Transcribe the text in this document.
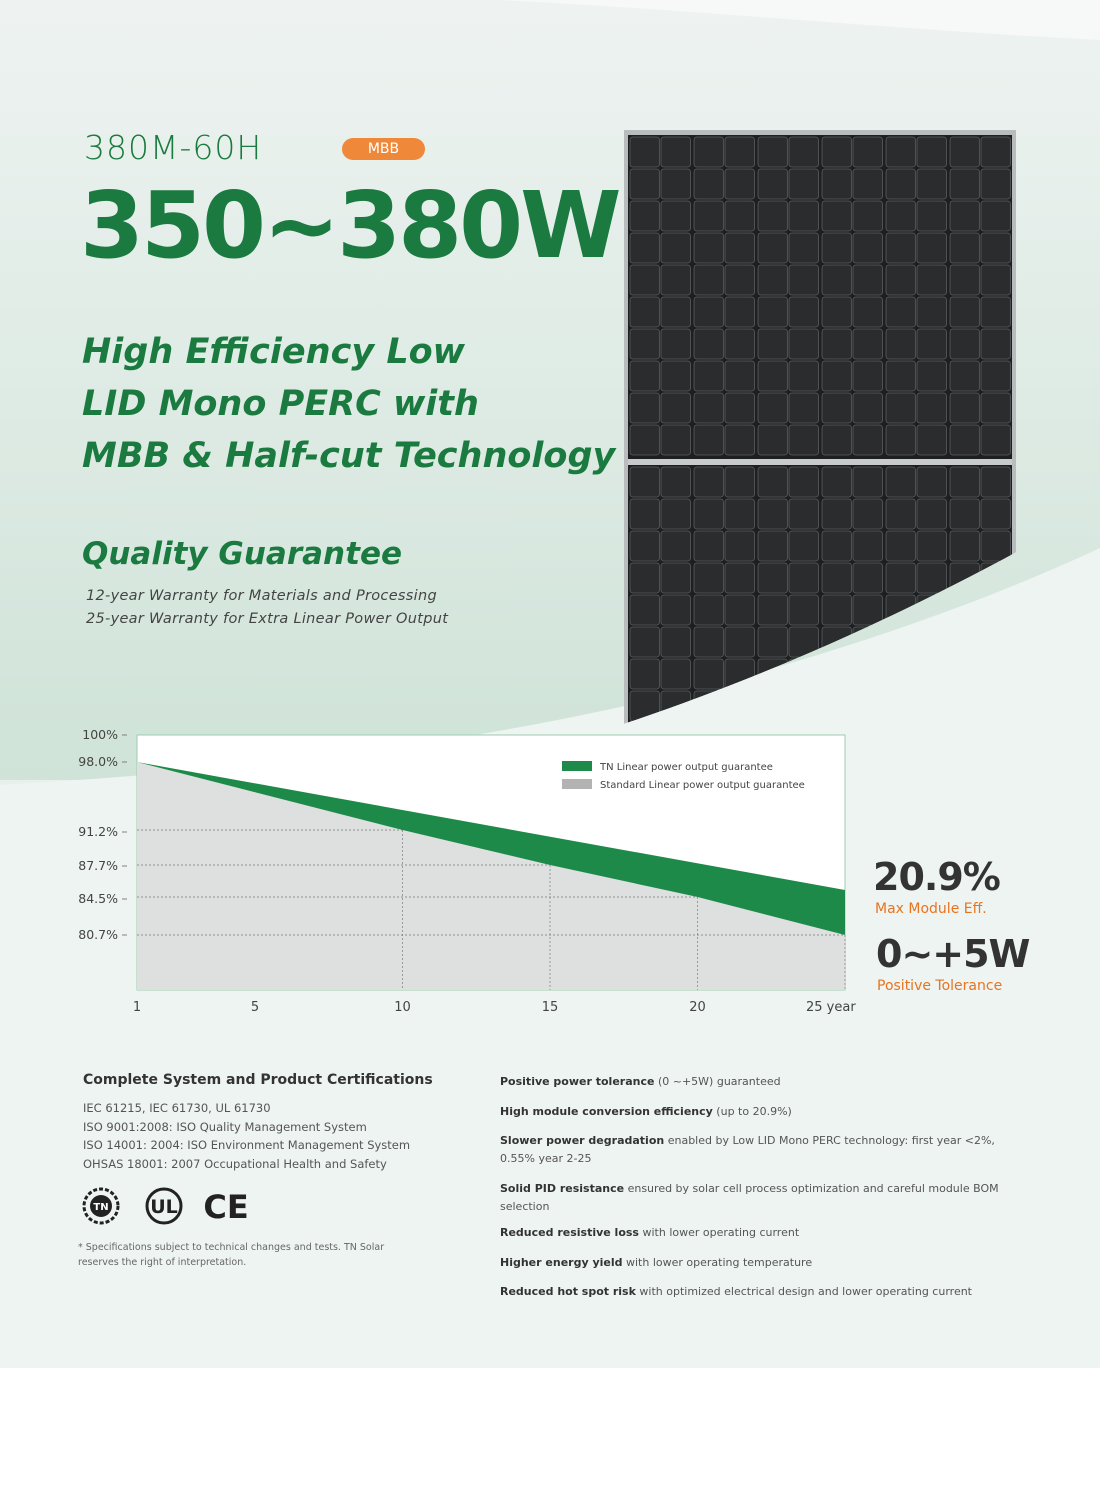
380M-60H	MBB
350~380W
High Efficiency Low
LID Mono PERC with
MBB & Half-cut Technology
Quality Guarantee
12-year Warranty for Materials and Processing
25-year Warranty for Extra Linear Power Output
100%
98.0%
91.2%
87.7%
84.5%
80.7%
1	5	10	15	20	25 year
TN Linear power output guarantee
Standard Linear power output guarantee
20.9%
Max Module Eff.
0~+5W
Positive Tolerance
Complete System and Product Certifications
IEC 61215, IEC 61730, UL 61730
ISO 9001:2008: ISO Quality Management System
ISO 14001: 2004: ISO Environment Management System
OHSAS 18001: 2007 Occupational Health and Safety
TN UL CE
* Specifications subject to technical changes and tests. TN Solar reserves the right of interpretation.
Positive power tolerance (0 ~+5W) guaranteed
High module conversion efficiency (up to 20.9%)
Slower power degradation enabled by Low LID Mono PERC technology: first year <2%, 0.55% year 2-25
Solid PID resistance ensured by solar cell process optimization and careful module BOM selection
Reduced resistive loss with lower operating current
Higher energy yield with lower operating temperature
Reduced hot spot risk with optimized electrical design and lower operating current
